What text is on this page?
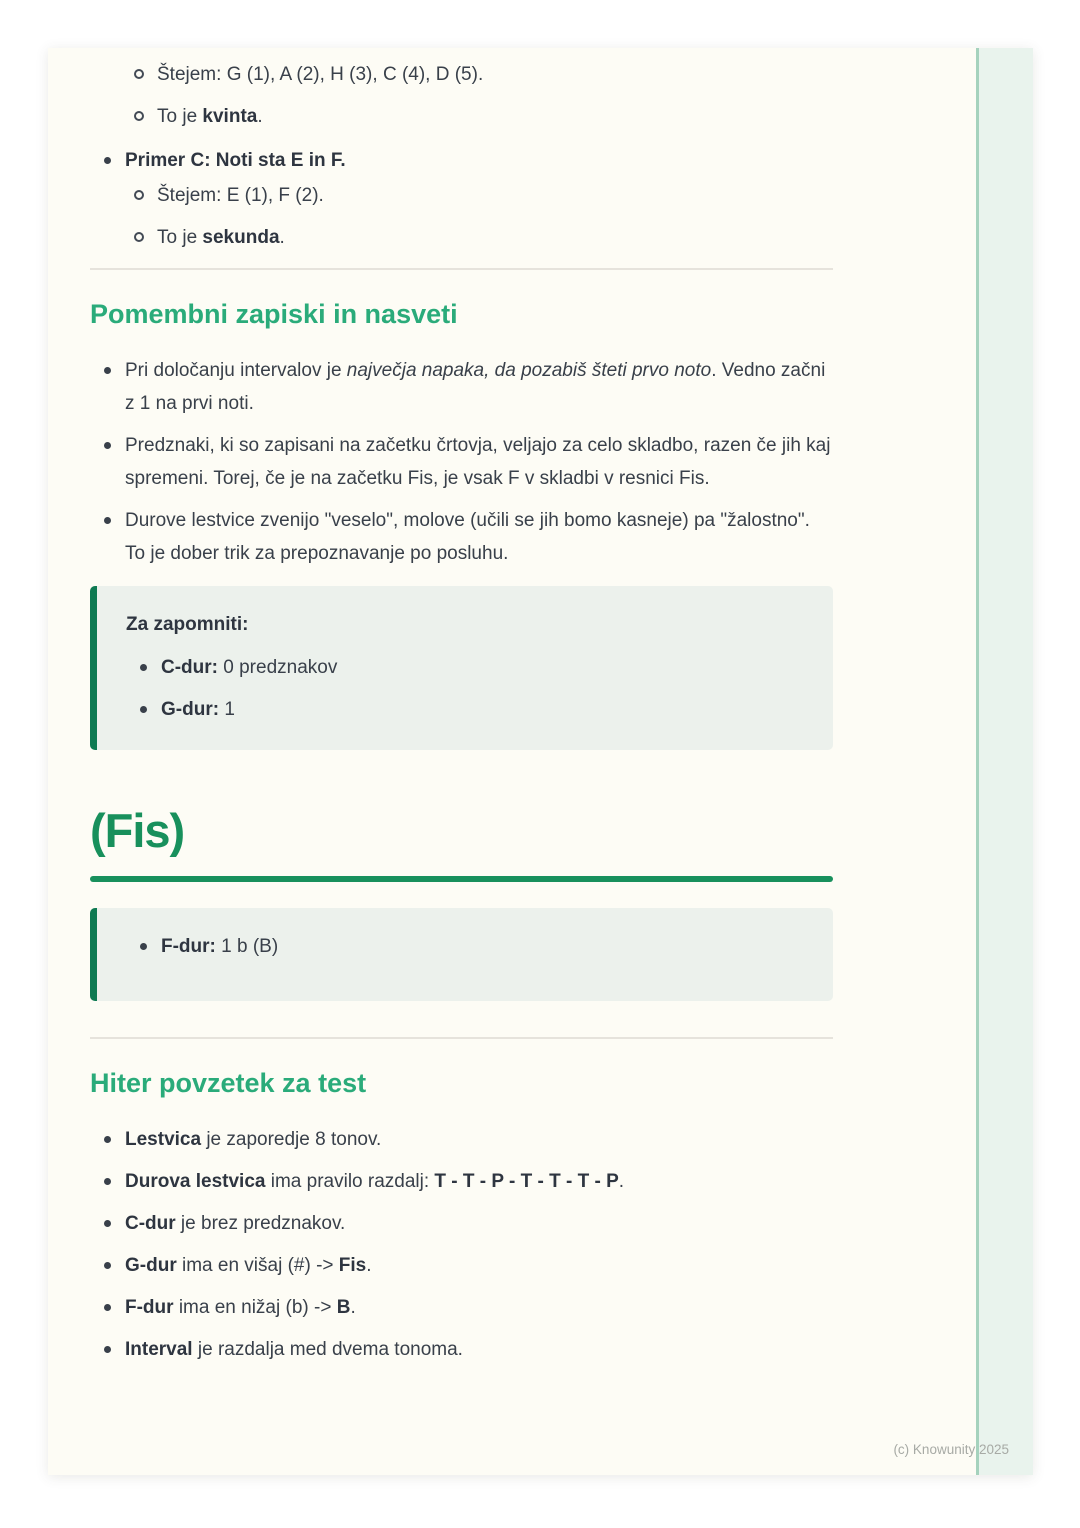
Štejem: G (1), A (2), H (3), C (4), D (5).
To je kvinta.
Primer C: Noti sta E in F.
Štejem: E (1), F (2).
To je sekunda.
Pomembni zapiski in nasveti
Pri določanju intervalov je največja napaka, da pozabiš šteti prvo noto. Vedno začni z 1 na prvi noti.
Predznaki, ki so zapisani na začetku črtovja, veljajo za celo skladbo, razen če jih kaj spremeni. Torej, če je na začetku Fis, je vsak F v skladbi v resnici Fis.
Durove lestvice zvenijo "veselo", molove (učili se jih bomo kasneje) pa "žalostno". To je dober trik za prepoznavanje po posluhu.

Za zapomniti:

C-dur: 0 predznakov
G-dur: 1
(Fis)
F-dur: 1 b (B)
Hiter povzetek za test
Lestvica je zaporedje 8 tonov.
Durova lestvica ima pravilo razdalj: T - T - P - T - T - T - P.
C-dur je brez predznakov.
G-dur ima en višaj (#) -> Fis.
F-dur ima en nižaj (b) -> B.
Interval je razdalja med dvema tonoma.
(c) Knowunity 2025
